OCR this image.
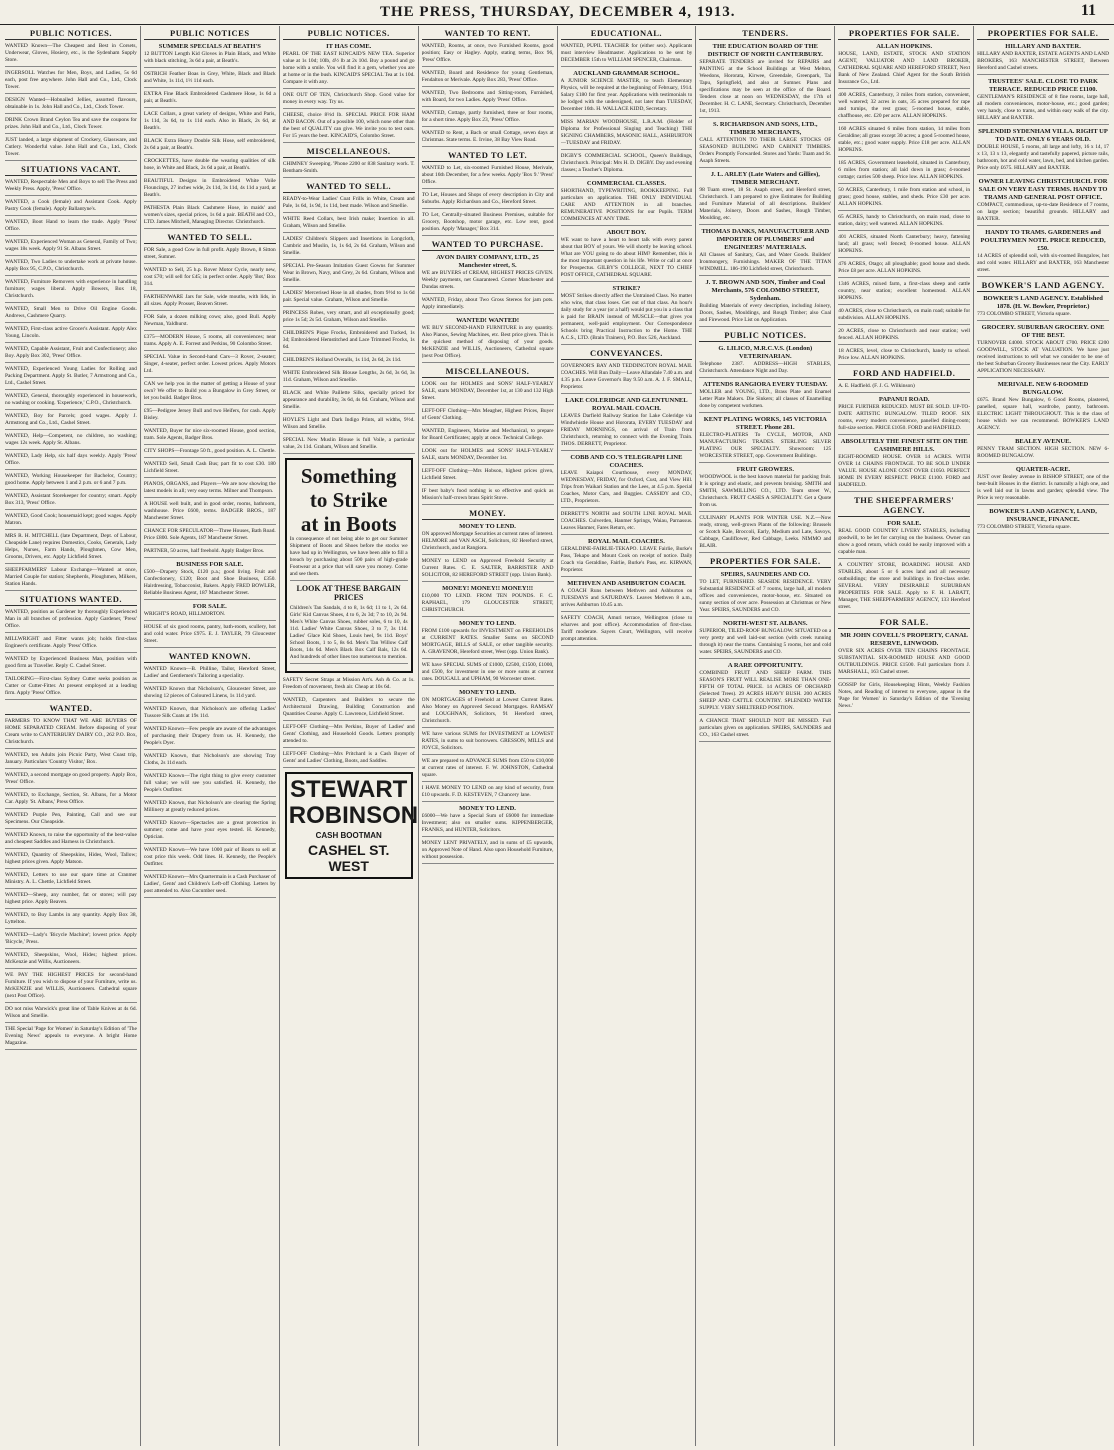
THE PRESS, THURSDAY, DECEMBER 4, 1913.	11
PUBLIC NOTICES.
WANTED Known—The Cheapest and Best in Corsets, Underwear, Gloves, Hosiery, etc., is the Sydenham Supply Store.
INGERSOLL Watches for Men, Boys, and Ladies, 5s 6d each, post free anywhere. John Hall and Co., Ltd., Clock Tower.
DESIGN Wanted—Hobnailed Jellies, assorted flavours, obtainable in 1s. John Hall and Co., Ltd., Clock Tower.
DRINK Crown Brand Ceylon Tea and save the coupons for prizes. John Hall and Co., Ltd., Clock Tower.
JUST landed, a large shipment of Crockery, Glassware, and Cutlery. Wonderful value. John Hall and Co., Ltd., Clock Tower.
SITUATIONS VACANT.
WANTED, Respectable Men and Boys to sell The Press and Weekly Press. Apply, 'Press' Office.
WANTED, a Cook (female) and Assistant Cook. Apply Pastry Cook (female). Apply Ballantyne's.
WANTED, Boot Hand to learn the trade. Apply 'Press' Office.
WANTED, Experienced Woman as General, Family of Two; wages 18s week. Apply 91 St. Albans Street.
WANTED, Two Ladies to undertake work at private house. Apply Box 95, C.P.O., Christchurch.
WANTED, Furniture Removers with experience in handling furniture; wages liberal. Apply Bowers, Box 18, Christchurch.
WANTED, Small Men to Drive Oil Engine Goods. Andrews, Cashmere Quarry.
WANTED, First-class active Grocer's Assistant. Apply Alex Young, Lincoln.
WANTED, Capable Assistant, Fruit and Confectionery; also Boy. Apply Box 302, 'Press' Office.
WANTED, Experienced Young Ladies for Rolling and Packing Department. Apply St. Butler, 7 Armstrong and Co., Ltd., Cashel Street.
WANTED, General, thoroughly experienced in housework, no washing or cooking. 'Experience,' C.P.O., Christchurch.
WANTED, Boy for Parcels; good wages. Apply J. Armstrong and Co., Ltd., Cashel Street.
WANTED, Help—Competent, no children, no washing; wages 12s week. Apply St. Albans.
WANTED, Lady Help, six half days weekly. Apply 'Press' Office.
WANTED, Working Housekeeper for Bachelor, Country; good home. Apply between 1 and 2 p.m. or 6 and 7 p.m.
WANTED, Assistant Storekeeper for country; smart. Apply Box 313, 'Press' Office.
WANTED, Good Cook; housemaid kept; good wages. Apply Matron.
MRS R. H. MITCHELL (late Department, Dept. of Labour, Cheapside Lane) requires Domestics, Cooks, Generals, Lady Helps, Nurses, Farm Hands, Ploughmen, Cow Men, Grooms, Drivers, etc. Apply Lichfield Street.
SHEEPFARMERS' Labour Exchange—Wanted at once, Married Couple for station; Shepherds, Ploughmen, Milkers, Station Hands.
SITUATIONS WANTED.
WANTED, position as Gardener by thoroughly Experienced Man in all branches of profession. Apply Gardener, 'Press' Office.
MILLWRIGHT and Fitter wants job; holds first-class Engineer's certificate. Apply 'Press' Office.
WANTED by Experienced Business Man, position with good firm as Traveller. Reply C. Cashel Street.
TAILORING—First-class Sydney Cutter seeks position as Cutter or Cutter-Fitter. At present employed at a leading firm. Apply 'Press' Office.
WANTED.
FARMERS TO KNOW THAT WE ARE BUYERS OF HOME SEPARATED CREAM. Before disposing of your Cream write to CANTERBURY DAIRY CO., 262 P.O. Box, Christchurch.
WANTED, ten Adults join Picnic Party, West Coast trip, January. Particulars 'Country Visitor,' Box.
WANTED, a second mortgage on good property. Apply Box, 'Press' Office.
WANTED, to Exchange, Section, St. Albans, for a Motor Car. Apply 'St. Albans,' Press Office.
WANTED Purple Pen, Painting, Call and see our Specimens. Our Cheapside.
WANTED Known, to raise the opportunity of the best-value and cheapest Saddles and Harness in Christchurch.
WANTED, Quantity of Sheepskins, Hides, Wool, Tallow; highest prices given. Apply Matson.
WANTED, Letters to use our spare time at Cranmer Ministry. A. L. Chettle, Lichfield Street.
WANTED—Sheep, any number, fat or stores; will pay highest price. Apply Beaven.
WANTED, to Buy Lambs in any quantity. Apply Box 38, Lyttelton.
WANTED—Lady's 'Bicycle Machine'; lowest price. Apply 'Bicycle,' Press.
WANTED, Sheepskins, Wool, Hides; highest prices. McKenzie and Willis, Auctioneers.
WE PAY THE HIGHEST PRICES for second-hand Furniture. If you wish to dispose of your Furniture, write us. McKENZIE and WILLIS, Auctioneers. Cathedral square (next Post Office).
DO not miss Warwick's great line of Table Knives at 4s 6d. Wilson and Smellie.
THE Special 'Page for Women' in Saturday's Edition of 'The Evening News' appeals to everyone. A bright Home Magazine.
PUBLIC NOTICES
SUMMER SPECIALS AT BEATH'S
12 BUTTON Length Kid Gloves in Plain Black, and White with black stitching, 3s 6d a pair, at Beath's.
OSTRICH Feather Boas in Grey, White, Black and Black and White, 1s 11d, 1½ 11d each.
EXTRA Fine Black Embroidered Cashmere Hose, 1s 6d a pair, at Beath's.
LACE Collars, a great variety of designs, White and Paris, 1s 11d, 3s 6d, to 1s 11d each. Also in Black, 2s 6d, at Beath's.
BLACK Extra Heavy Double Silk Hose, self embroidered, 2s 6d a pair, at Beath's.
CROCKETTES, have double the wearing qualities of silk hose, in White and Black, 2s 6d a pair, at Beath's.
BEAUTIFUL Designs in Embroidered White Voile Flouncings, 27 inches wide, 2s 11d, 3s 11d, 4s 11d a yard, at Beath's.
PATHESTA Plain Black Cashmere Hose, in maids' and women's sizes, special prices, 1s 6d a pair. BEATH and CO., LTD. James Mitchell, Managing Director. Christchurch.
WANTED TO SELL.
FOR Sale, a good Cow in full profit. Apply Brown, 8 Sitton street, Sumner.
WANTED to Sell, 25 h.p. Rover Motor Cycle, nearly new, cost £70; will sell for £45; in perfect order. Apply 'Bot,' Box 314.
FARTHENWARE Jars for Sale, wide mouths, with lids, in all sizes. Apply Prosser, Beaven Street.
FOR Sale, a dozen milking cows; also, good Bull. Apply Newman, Yaldhurst.
£375—MODERN House, 5 rooms, all conveniences; near trams. Apply A. E. Forrest and Perkins, 90 Colombo Street.
SPECIAL Value in Second-hand Cars—3 Rover, 2-seater; Singer, 4-seater, perfect order. Lowest prices. Apply Motors Ltd.
CAN we help you in the matter of getting a House of your own? We offer to Build you a Bungalow in Grey Street, or let you build. Badger Bros.
£95—Pedigree Jersey Bull and two Heifers, for cash. Apply Bisley.
WANTED, Buyer for nice six-roomed House, good section, tram. Sole Agents, Badger Bros.
CITY SHOPS—Frontage 50 ft., good position. A. L. Chettle.
WANTED Sell, Small Cash Bus; part fit to cost £30. 180 Lichfield Street.
PIANOS, ORGANS, and Players—We are now showing the latest models in all; very easy terms. Milner and Thompson.
A HOUSE well built, and in good order, rooms, bathroom, washhouse. Price £600, terms. BADGER BROS., 187 Manchester Street.
CHANCE FOR SPECULATOR—Three Houses, Bath Road. Price £800. Sole Agents, 187 Manchester Street.
PARTNER, 50 acres, half freehold. Apply Badger Bros.
BUSINESS FOR SALE.
£500—Drapery Stock, £120 p.a.; good living. Fruit and Confectionery, £120; Boot and Shoe Business, £350. Hairdressing, Tobacconist, Bakers. Apply FRED BOWLER, Reliable Business Agent, 187 Manchester Street.
FOR SALE.
WRIGHT'S ROAD, HILLMORTON.
HOUSE of six good rooms, pantry, bath-room, scullery, hot and cold water. Price £975. E. J. TAYLER, 79 Gloucester Street.
WANTED KNOWN.
WANTED Known—B. Philline, Tailor, Hereford Street, Ladies' and Gentlemen's Tailoring a speciality.
WANTED Known that Nicholson's, Gloucester Street, are showing 12 pieces of Coloured Linens, 1s 11d yard.
WANTED Known, that Nicholson's are offering Ladies' Tussore Silk Coats at 19s 11d.
WANTED Known—Few people are aware of the advantages of purchasing their Drapery from us. H. Kennedy, the People's Dyer.
WANTED Known, that Nicholson's are showing Tray Cloths, 2s 11d each.
WANTED Known—The right thing to give every customer full value; we will see you satisfied. H. Kennedy, the People's Outfitter.
WANTED Known, that Nicholson's are clearing the Spring Millinery at greatly reduced prices.
WANTED Known—Spectacles are a great protection in summer; come and have your eyes tested. H. Kennedy, Optician.
WANTED Known—We have 1000 pair of Boots to sell at cost price this week. Odd lines. H. Kennedy, the People's Outfitter.
WANTED Known—Mrs Quartermain is a Cash Purchaser of Ladies', Gents' and Children's Left-off Clothing. Letters by post attended to. Also Cucumber seed.
PUBLIC NOTICES.
IT HAS COME.
PEARL OF THE EAST KINCAID'S NEW TEA. Superior value at 1s 10d; 10lb, 4½ lb at 2s 10d. Buy a pound and go home with a smile. You will find it a gem, whether you are at home or in the bush. KINCAID'S SPECIAL Tea at 1s 10d. Compare it with any.
ONE OUT OF TEN, Christchurch Shop. Good value for money in every way. Try us.
CHEESE, choice 8½d lb. SPECIAL PRICE FOR HAM AND BACON. Out of a possible 100, which none other than the best of QUALITY can give. We invite you to test ours. For 15 years the best. KINCAID'S, Colombo Street.
MISCELLANEOUS.
CHIMNEY Sweeping. 'Phone 2200 or 838 Sanitary work. T. Bentham-Smith.
WANTED TO SELL.
READY-to-Wear Ladies' Coat Frills in White, Cream and Pale, 1s 6d, 1s 9d, 1s 11d, best made. Wilson and Smellie.
WHITE Reed Collars, best Irish make; Insertion in all. Graham, Wilson and Smellie.
LADIES' Children's Slippers and Insertions in Longcloth, Cambric and Muslin, 1s, 1s 6d, 2s 6d. Graham, Wilson and Smellie.
SPECIAL Pre-Season Imitation Guest Gowns for Summer Wear in Brown, Navy, and Grey, 2s 6d. Graham, Wilson and Smellie.
LADIES' Mercerised Hose in all shades, from 9½d to 1s 6d pair. Special value. Graham, Wilson and Smellie.
PRINCESS Robes, very smart, and all exceptionally good; price 1s 5d; 2s 5d. Graham, Wilson and Smellie.
CHILDREN'S Pique Frocks, Embroidered and Tucked, 1s 3d; Embroidered Hemstitched and Lace Trimmed Frocks, 1s 6d.
CHILDREN'S Holland Overalls, 1s 11d, 2s 6d, 2s 11d.
WHITE Embroidered Silk Blouse Lengths, 2s 6d, 3s 6d, 3s 11d. Graham, Wilson and Smellie.
BLACK and White Paillette Silks, specially priced for appearance and durability, 3s 6d, 4s 6d. Graham, Wilson and Smellie.
HOYLE'S Light and Dark Indigo Prints, all widths, 9½d. Wilson and Smellie.
SPECIAL New Muslin Blouse is full Voile, a particular value, 2s 11d. Graham, Wilson and Smellie.
Something to Strike
at in Boots
In consequence of not being able to get our Summer Shipment of Boots and Shoes before the stocks we have had up in Wellington, we have been able to fill a breach by purchasing about 500 pairs of high-grade Footwear at a price that will save you money. Come and see them.
LOOK AT THESE BARGAIN PRICES
Children's Tan Sandals, 4 to 8, 1s 6d; 11 to 1, 2s 6d. Girls' Kid Canvas Shoes, 4 to 6, 2s 3d; 7 to 10, 2s 9d. Men's White Canvas Shoes, rubber soles, 6 to 10, 4s 11d. Ladies' White Canvas Shoes, 3 to 7, 3s 11d. Ladies' Glace Kid Shoes, Louis heel, 9s 11d. Boys' School Boots, 1 to 5, 8s 6d. Men's Tan Willow Calf Boots, 14s 6d. Men's Black Box Calf Bals, 12s 6d. And hundreds of other lines too numerous to mention.
SAFETY Secret Straps at Mission Art's. Ash & Co. at 1s. Freedom of movement, fresh air. Cheap at 10s 6d.
WANTED, Carpenters and Builders to secure the Architectural Drawing, Building Construction and Quantities Course. Apply C. Lawrence, Lichfield Street.
LEFT-OFF Clothing—Mrs Perkins, Buyer of Ladies' and Gents' Clothing, and Household Goods. Letters promptly attended to.
LEFT-OFF Clothing—Mrs Pritchard is a Cash Buyer of Gents' and Ladies' Clothing, Boots, and Saddles.
STEWART
ROBINSON
CASH BOOTMAN
CASHEL ST. WEST
WANTED TO RENT.
WANTED, Rooms, at once, two Furnished Rooms, good position; Easy or Hagley. Apply, stating terms, Box 96, 'Press' Office.
WANTED, Board and Residence for young Gentleman, Fendalton or Merivale. Apply Box 283, 'Press' Office.
WANTED, Two Bedrooms and Sitting-room, Furnished, with Board, for two Ladies. Apply 'Press' Office.
WANTED, Cottage, partly furnished, three or four rooms, for a short time. Apply Box 23, 'Press' Office.
WANTED to Rent, a Bach or small Cottage, seven days at Christmas. State terms. E. Irvine, 38 Bay View Road.
WANTED TO LET.
WANTED to Let, six-roomed Furnished House, Merivale, about 16th December, for a few weeks. Apply 'Box 9.' 'Press' Office.
TO Let, Houses and Shops of every description in City and Suburbs. Apply Richardson and Co., Hereford Street.
TO Let, Centrally-situated Business Premises, suitable for Grocery, Bootshop, motor garage, etc. Low rent, good position. Apply 'Manager,' Box 314.
WANTED TO PURCHASE.
AVON DAIRY COMPANY, LTD., 25 Manchester street, S.
WE are BUYERS of CREAM, HIGHEST PRICES GIVEN. Weekly payments, net Guaranteed. Corner Manchester and Dundas streets.
WANTED, Friday, about Two Gross Stereos for jam pots. Apply immediately.
WANTED! WANTED!
WE BUY SECOND-HAND FURNITURE in any quantity. Also Pianos, Sewing Machines, etc. Best price given. This is the quickest method of disposing of your goods. McKENZIE and WILLIS, Auctioneers, Cathedral square (next Post Office).
MISCELLANEOUS.
LOOK out for HOLMES and SONS' HALF-YEARLY SALE, starts MONDAY, December 1st, at 130 and 132 High Street.
LEFT-OFF Clothing—Mrs Meagher, Highest Prices, Buyer of Gents' Clothing.
WANTED, Engineers, Marine and Mechanical, to prepare for Board Certificates; apply at once. Technical College.
LOOK out for HOLMES and SONS' HALF-YEARLY SALE, starts MONDAY, December 1st.
LEFT-OFF Clothing—Mrs Hobson, highest prices given, Lichfield Street.
IF best baby's food nothing is so effective and quick as Mission's half-crown brass Spirit Stove.
MONEY.
MONEY TO LEND.
ON approved Mortgage Securities at current rates of interest. HELMORE and VAN ASCH, Solicitors, 82 Hereford street, Christchurch, and at Rangiora.
MONEY to LEND on Approved Freehold Security at Current Rates. C. E. SALTER, BARRISTER AND SOLICITOR, 82 HEREFORD STREET (opp. Union Bank).
MONEY! MONEY!! MONEY!!!
£10,000 TO LEND. FROM TEN POUNDS. F. C. RAPHAEL, 179 GLOUCESTER STREET, CHRISTCHURCH.
MONEY TO LEND.
FROM £100 upwards for INVESTMENT on FREEHOLDS at CURRENT RATES. Smaller Sums on SECOND MORTGAGE, BILLS of SALE, or other tangible security. A. GRAVENOR, Hereford street, West (opp. Union Bank).
WE have SPECIAL SUMS of £1000, £2500, £1500, £1000, and £500, for investment in one or more sums at current rates. DOUGALL and UPHAM, 90 Worcester street.
MONEY TO LEND.
ON MORTGAGES of Freehold at Lowest Current Rates. Also Money on Approved Second Mortgages. RAMSAY and LOUGHNAN, Solicitors, 91 Hereford street, Christchurch.
WE have various SUMS for INVESTMENT at LOWEST RATES, in sums to suit borrowers. GRESSON, MILLS and JOYCE, Solicitors.
WE are prepared to ADVANCE SUMS from £50 to £10,000 at current rates of interest. F. W. JOHNSTON, Cathedral square.
I HAVE MONEY TO LEND on any kind of security, from £10 upwards. F. D. KESTEVEN, 7 Chancery lane.
MONEY TO LEND.
£6000—We have a Special Sum of £6000 for immediate Investment; also on smaller sums. KIPPENBERGER, FRANKS, and HUNTER, Solicitors.
MONEY LENT PRIVATELY, and in sums of £5 upwards, on Approved Note of Hand. Also upon Household Furniture, without possession.
EDUCATIONAL.
WANTED, PUPIL TEACHER for (either sex). Applicants must interview Headmaster. Applications to be sent by DECEMBER 15th to WILLIAM SPENCER, Chairman.
AUCKLAND GRAMMAR SCHOOL.
A JUNIOR SCIENCE MASTER, to teach Elementary Physics, will be required at the beginning of February, 1914. Salary £180 for first year. Applications with testimonials to be lodged with the undersigned, not later than TUESDAY, December 16th. H. WALLACE KIDD, Secretary.
MISS MARIAN WOODHOUSE, L.R.A.M. (Holder of Diploma for Professional Singing and Teaching) THE SIGNING CHAMBERS, MASONIC HALL, ASHBURTON—TUESDAY and FRIDAY.
DIGBY'S COMMERCIAL SCHOOL, Queen's Buildings, Christchurch. Principal: Mrs H. D. DIGBY. Day and evening classes; a Teacher's Diploma.
COMMERCIAL CLASSES.
SHORTHAND, TYPEWRITING, BOOKKEEPING. Full particulars on application. THE ONLY INDIVIDUAL CARE AND ATTENTION in all branches. REMUNERATIVE POSITIONS for our Pupils. TERM COMMENCES AT ANY TIME.
ABOUT BOY.
WE want to have a heart to heart talk with every parent about that BOY of yours. We will shortly be leaving school. What are YOU going to do about HIM? Remember, this is the most important question in his life. Write or call at once for Prospectus. GILBY'S COLLEGE, NEXT TO CHIEF POST OFFICE, CATHEDRAL SQUARE.
STRIKE?
MOST Strikes directly affect the Untrained Class. No matter who wins, that class loses. Get out of that class. An hour's daily study for a year (or a half) would put you in a class that is paid for BRAIN instead of MUSCLE—that gives you permanent, well-paid employment. Our Correspondence Schools bring Practical Instruction to the Home. THE A.C.S., LTD. (Brain Trainers), P.O. Box 526, Auckland.
CONVEYANCES.
GOVERNOR'S BAY AND TEDDINGTON ROYAL MAIL COACHES. Will Run Daily—Leave Allandale 7.40 a.m. and 4.35 p.m. Leave Governor's Bay 9.50 a.m. A. J. F. SMALL, Proprietor.
LAKE COLERIDGE AND GLENTUNNEL ROYAL MAIL COACH.
LEAVES Darfield Railway Station for Lake Coleridge via Windwhistle House and Hororata, EVERY TUESDAY and FRIDAY MORNINGS, on arrival of Train from Christchurch, returning to connect with the Evening Train. THOS. DERRETT, Proprietor.
COBB AND CO.'S TELEGRAPH LINE COACHES.
LEAVE Kaiapoi Courthouse, every MONDAY, WEDNESDAY, FRIDAY, for Oxford, Cust, and View Hill. Trips from Waikari Station and the Lees, at 4.5 p.m. Special Coaches, Motor Cars, and Buggies. CASSIDY and CO., LTD., Proprietors.
DERRETT'S NORTH and SOUTH LINE ROYAL MAIL COACHES. Culverden, Hanmer Springs, Waiau, Parnassus. Leaves Hanmer, Fares Return, etc.
ROYAL MAIL COACHES.
GERALDINE-FAIRLIE-TEKAPO. LEAVE Fairlie, Burke's Pass, Tekapo and Mount Cook on receipt of notice. Daily Coach via Geraldine, Fairlie, Burke's Pass, etc. KIRWAN, Proprietor.
METHVEN AND ASHBURTON COACH.
A COACH Runs between Methven and Ashburton on TUESDAYS and SATURDAYS. Leaves Methven 8 a.m., arrives Ashburton 10.45 a.m.
SAFETY COACH, Amuri terrace, Wellington (close to wharves and post office). Accommodation of first-class. Tariff moderate. Sayers Court, Wellington, will receive prompt attention.
TENDERS.
THE EDUCATION BOARD OF THE DISTRICT OF NORTH CANTERBURY.
SEPARATE TENDERS are invited for REPAIRS and PAINTING at the School Buildings at West Melton, Weedons, Hororata, Kirwee, Greendale, Greenpark, Tai Tapu, Springfield, and also at Sumner. Plans and specifications may be seen at the office of the Board. Tenders close at noon on WEDNESDAY, the 17th of December. H. C. LANE, Secretary. Christchurch, December 1st, 1913.
S. RICHARDSON AND SONS, LTD., TIMBER MERCHANTS,
CALL ATTENTION TO THEIR LARGE STOCKS OF SEASONED BUILDING AND CABINET TIMBERS. Orders Promptly Forwarded. Stores and Yards: Tuam and St. Asaph Streets.
J. L. ARLEY (Late Waters and Gillies), TIMBER MERCHANT.
98 Tuam street, 18 St. Asaph street, and Hereford street, Christchurch. I am prepared to give Estimates for Building and Furniture Material of all descriptions. Builders' Materials, Joinery, Doors and Sashes, Rough Timber, Moulding, etc.
THOMAS DANKS, MANUFACTURER AND IMPORTER OF PLUMBERS' and ENGINEERS' MATERIALS.
All Classes of Sanitary, Gas, and Water Goods. Builders' Ironmongery, Furnishings. MAKER OF THE TITAN WINDMILL. 186-190 Lichfield street, Christchurch.
J. T. BROWN AND SON, Timber and Coal Merchants, 576 COLOMBO STREET, Sydenham.
Building Materials of every description, including Joinery, Doors, Sashes, Mouldings, and Rough Timber; also Coal and Firewood. Price List on Application.
PUBLIC NOTICES.
G. LILICO, M.R.C.V.S. (London) VETERINARIAN.
Telephone 2387. ADDRESS—HIGH STABLES, Christchurch. Attendance Night and Day.
ATTENDS RANGIORA EVERY TUESDAY.
MOLLER and YOUNG, LTD., Brass Plate and Enamel Letter Plate Makers. Die Sinkers; all classes of Enamelling done by competent workmen.
KENT PLATING WORKS, 145 VICTORIA STREET. Phone 281.
ELECTRO-PLATERS To CYCLE, MOTOR, AND MANUFACTURING TRADES. STERLING SILVER PLATING OUR SPECIALTY. Showroom: 125 WORCESTER STREET, opp. Government Buildings.
FRUIT GROWERS.
WOODWOOL is the best known material for packing fruit. It is springy and elastic, and prevents bruising. SMITH and SMITH, SAWMILLING CO., LTD. Team street W., Christchurch. FRUIT CASES A SPECIALITY. Get a Quote from us.
CULINARY PLANTS FOR WINTER USE. N.Z.—Now ready, strong, well-grown Plants of the following: Brussels or Scotch Kale, Broccoli, Early, Medium and Late, Savoys, Cabbage, Cauliflower, Red Cabbage, Leeks. NIMMO and BLAIR.
PROPERTIES FOR SALE.
SPEIRS, SAUNDERS AND CO.
TO LET, FURNISHED. SEASIDE RESIDENCE. VERY Substantial RESIDENCE of 7 rooms, large hall, all modern offices and conveniences, motor-house, etc. Situated on sunny section of over acre. Possession at Christmas or New Year. SPEIRS, SAUNDERS and CO.
NORTH-WEST ST. ALBANS.
SUPERIOR, TILED-ROOF BUNGALOW. SITUATED on a very pretty and well laid-out section (with creek running through it) near the trams. Containing 5 rooms, hot and cold water. SPEIRS, SAUNDERS and CO.
A RARE OPPORTUNITY.
COMBINED FRUIT AND SHEEP FARM. THIS SEASON'S FRUIT WILL REALISE MORE THAN ONE-FIFTH OF TOTAL PRICE. 14 ACRES OF ORCHARD (Selected Trees). 29 ACRES HEAVY BUSH. 200 ACRES SHEEP AND CATTLE COUNTRY. SPLENDID WATER SUPPLY. VERY SHELTERED POSITION.
A CHANCE THAT SHOULD NOT BE MISSED. Full particulars given on application. SPEIRS, SAUNDERS and CO., 163 Cashel street.
PROPERTIES FOR SALE.
ALLAN HOPKINS.
HOUSE, LAND, ESTATE, STOCK AND STATION AGENT, VALUATOR AND LAND BROKER, CATHEDRAL SQUARE AND HEREFORD STREET, Next Bank of New Zealand. Chief Agent for the South British Insurance Co., Ltd.
400 ACRES, Canterbury, 3 miles from station, convenient, well watered; 32 acres in oats, 35 acres prepared for rape and turnips, the rest grass; 5-roomed house, stable, chaffhouse, etc. £20 per acre. ALLAN HOPKINS.
160 ACRES situated 6 miles from station, 14 miles from Geraldine; all grass except 30 acres; a good 5-roomed house, stable, etc.; good water supply. Price £18 per acre. ALLAN HOPKINS.
185 ACRES, Government leasehold, situated in Canterbury, 6 miles from station; all laid down in grass; 4-roomed cottage; carries 500 sheep. Price low. ALLAN HOPKINS.
50 ACRES, Canterbury, 1 mile from station and school, in grass; good house, stables, and sheds. Price £30 per acre. ALLAN HOPKINS.
65 ACRES, handy to Christchurch, on main road, close to station, dairy; well watered. ALLAN HOPKINS.
401 ACRES, situated North Canterbury; heavy, fattening land; all grass; well fenced; 8-roomed house. ALLAN HOPKINS.
476 ACRES, Otago; all ploughable; good house and sheds. Price £8 per acre. ALLAN HOPKINS.
1346 ACRES, mixed farm, a first-class sheep and cattle country, near station; excellent homestead. ALLAN HOPKINS.
40 ACRES, close to Christchurch, on main road; suitable for subdivision. ALLAN HOPKINS.
20 ACRES, close to Christchurch and near station; well fenced. ALLAN HOPKINS.
18 ACRES, level, close to Christchurch, handy to school. Price low. ALLAN HOPKINS.
FORD AND HADFIELD.
A. E. Hadfield. (F. J. G. Wilkinson)
PAPANUI ROAD.
PRICE FURTHER REDUCED. MUST BE SOLD. UP-TO-DATE ARTISTIC BUNGALOW. TILED ROOF. SIX rooms, every modern convenience, panelled dining-room; full-size section. PRICE £1050. FORD and HADFIELD.
ABSOLUTELY THE FINEST SITE ON THE CASHMERE HILLS.
EIGHT-ROOMED HOUSE. OVER 14 ACRES. WITH OVER 14 CHAINS FRONTAGE. TO BE SOLD UNDER VALUE. HOUSE ALONE COST OVER £1050. PERFECT HOME IN EVERY RESPECT. PRICE £1100. FORD and HADFIELD.
THE SHEEPFARMERS' AGENCY.
FOR SALE.
REAL GOOD COUNTRY LIVERY STABLES, including goodwill, to be let for carrying on the business. Owner can show a good return, which could be easily improved with a capable man.
A COUNTRY STORE, BOARDING HOUSE AND STABLES, about 5 or 6 acres land and all necessary outbuildings; the store and buildings in first-class order. SEVERAL VERY DESIRABLE SUBURBAN PROPERTIES FOR SALE. Apply to F. H. LABATT, Manager, THE SHEEPFARMERS' AGENCY, 133 Hereford street.
FOR SALE.
MR JOHN COVELL'S PROPERTY, CANAL RESERVE, LINWOOD.
OVER SIX ACRES OVER TEN CHAINS FRONTAGE. SUBSTANTIAL SIX-ROOMED HOUSE AND GOOD OUTBUILDINGS. PRICE £1500. Full particulars from J. MARSHALL, 163 Cashel street.
GOSSIP for Girls, Housekeeping Hints, Weekly Fashion Notes, and Reading of interest to everyone, appear in the 'Page for Women' in Saturday's Edition of the 'Evening News.'
PROPERTIES FOR SALE.
HILLARY AND BAXTER.
HILLARY AND BAXTER, ESTATE AGENTS AND LAND BROKERS, 163 MANCHESTER STREET, Between Hereford and Cashel streets.
TRUSTEES' SALE. CLOSE TO PARK TERRACE. REDUCED PRICE £1100.
GENTLEMAN'S RESIDENCE of 8 fine rooms, large hall, all modern conveniences, motor-house, etc.; good garden; very handy, close to trams, and within easy walk of the city. HILLARY and BAXTER.
SPLENDID SYDENHAM VILLA. RIGHT UP TO DATE. ONLY 6 YEARS OLD.
DOUBLE HOUSE, 5 rooms, all large and lofty, 16 x 14, 17 x 13, 13 x 13, elegantly and tastefully papered, picture rails, bathroom, hot and cold water, lawn, bed, and kitchen garden. Price only £675. HILLARY and BAXTER.
OWNER LEAVING CHRISTCHURCH. FOR SALE ON VERY EASY TERMS. HANDY TO TRAMS AND GENERAL POST OFFICE.
COMPACT, commodious, up-to-date Residence of 7 rooms, on large section; beautiful grounds. HILLARY and BAXTER.
HANDY TO TRAMS. GARDENERS and POULTRYMEN NOTE. PRICE REDUCED, £50.
14 ACRES of splendid soil, with six-roomed Bungalow, hot and cold water. HILLARY and BAXTER, 163 Manchester street.
BOWKER'S LAND AGENCY.
BOWKER'S LAND AGENCY. Established 1878. (H. W. Bowker, Proprietor.)
773 COLOMBO STREET, Victoria square.
GROCERY. SUBURBAN GROCERY. ONE OF THE BEST.
TURNOVER £4000. STOCK ABOUT £700. PRICE £200 GOODWILL, STOCK AT VALUATION. We have just received instructions to sell what we consider to be one of the best Suburban Grocery Businesses near the City. EARLY APPLICATION NECESSARY.
MERIVALE. NEW 6-ROOMED BUNGALOW.
£675. Brand New Bungalow, 6 Good Rooms, plastered, panelled, square hall, wardrobe, pantry, bathroom. ELECTRIC LIGHT THROUGHOUT. This is the class of house which we can recommend. BOWKER'S LAND AGENCY.
BEALEY AVENUE.
PENNY TRAM SECTION. HIGH SECTION. NEW 6-ROOMED BUNGALOW.
QUARTER-ACRE.
JUST over Bealey avenue in BISHOP STREET, one of the best-built Houses in the district. Is naturally a high one, and is well laid out in lawns and garden; splendid view. The Price is very reasonable.
BOWKER'S LAND AGENCY, LAND, INSURANCE, FINANCE.
773 COLOMBO STREET, Victoria square.
